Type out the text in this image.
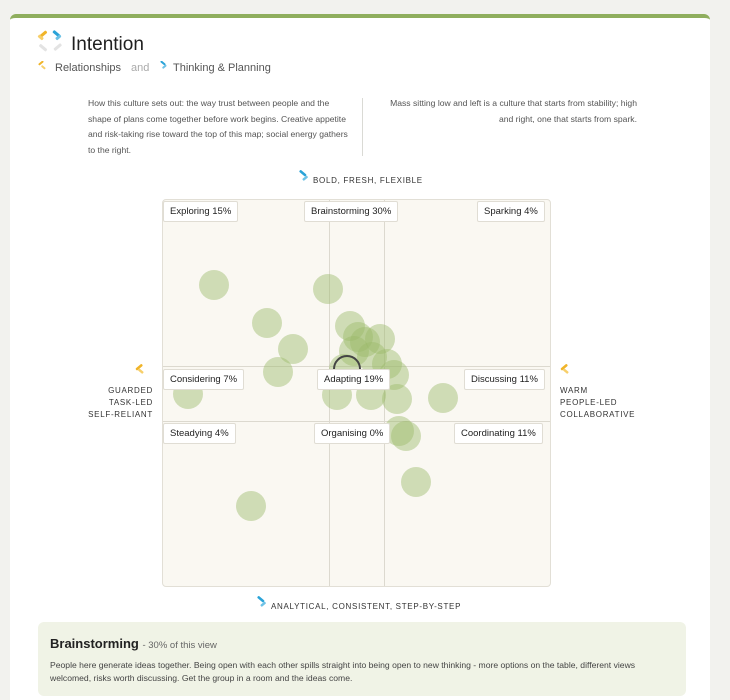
Intention
Relationships and Thinking & Planning
How this culture sets out: the way trust between people and the shape of plans come together before work begins. Creative appetite and risk-taking rise toward the top of this map; social energy gathers to the right.
Mass sitting low and left is a culture that starts from stability; high and right, one that starts from spark.
BOLD, FRESH, FLEXIBLE
GUARDED
TASK-LED
SELF-RELIANT
WARM
PEOPLE-LED
COLLABORATIVE
Exploring 15%	Brainstorming 30%	Sparking 4%
Considering 7%	Adapting 19%	Discussing 11%
Steadying 4%	Organising 0%	Coordinating 11%
ANALYTICAL, CONSISTENT, STEP-BY-STEP
Brainstorming - 30% of this view
People here generate ideas together. Being open with each other spills straight into being open to new thinking - more options on the table, different views welcomed, risks worth discussing. Get the group in a room and the ideas come.
